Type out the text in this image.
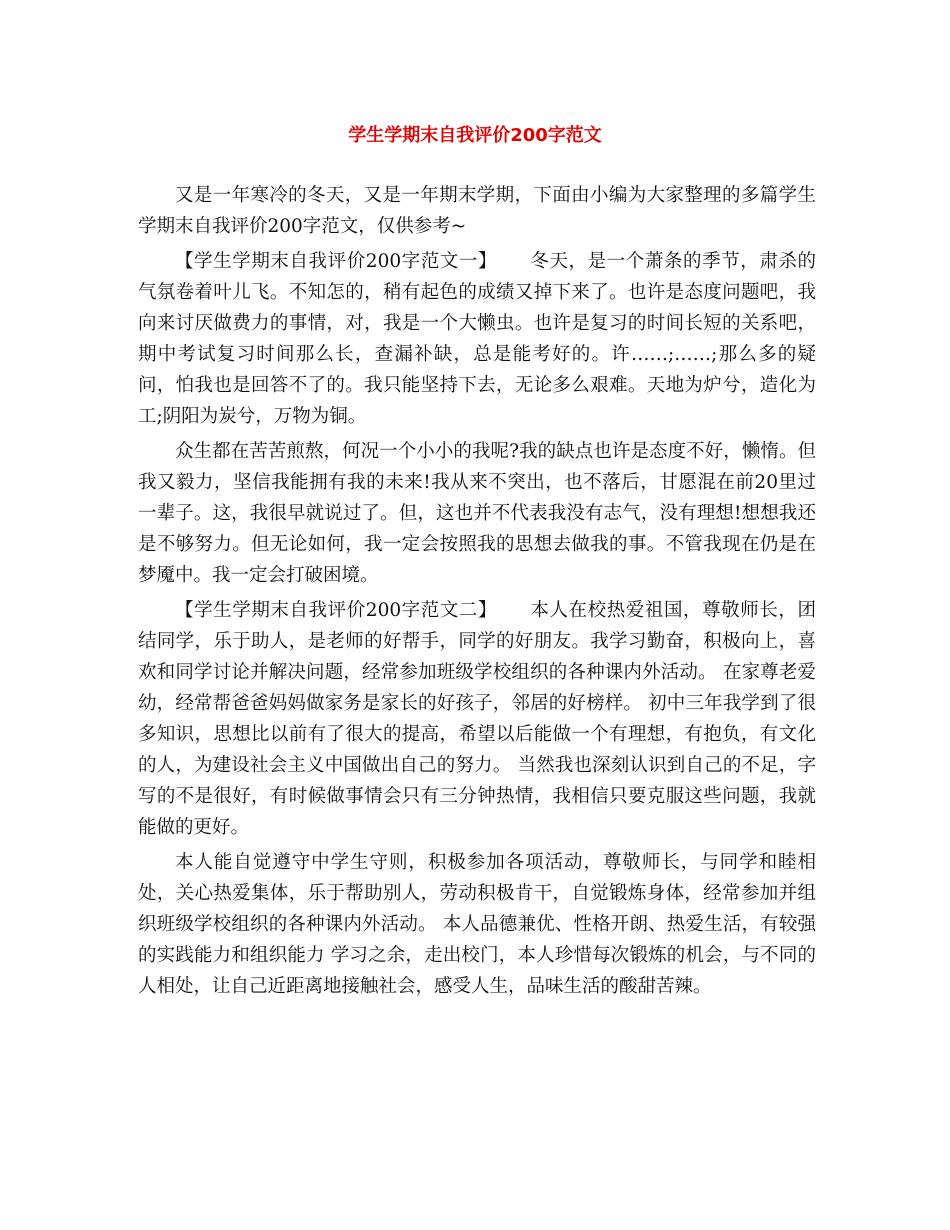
学生学期末自我评价200字范文

又是一年寒冷的冬天，又是一年期末学期，下面由小编为大家整理的多篇学生学期末自我评价200字范文，仅供参考~

【学生学期末自我评价200字范文一】 冬天，是一个萧条的季节，肃杀的气氛卷着叶儿飞。不知怎的，稍有起色的成绩又掉下来了。也许是态度问题吧，我向来讨厌做费力的事情，对，我是一个大懒虫。也许是复习的时间长短的关系吧，期中考试复习时间那么长，查漏补缺，总是能考好的。许……;……;那么多的疑问，怕我也是回答不了的。我只能坚持下去，无论多么艰难。天地为炉兮，造化为工;阴阳为炭兮，万物为铜。

众生都在苦苦煎熬，何况一个小小的我呢?我的缺点也许是态度不好，懒惰。但我又毅力，坚信我能拥有我的未来!我从来不突出，也不落后，甘愿混在前20里过一辈子。这，我很早就说过了。但，这也并不代表我没有志气，没有理想!想想我还是不够努力。但无论如何，我一定会按照我的思想去做我的事。不管我现在仍是在梦魇中。我一定会打破困境。

【学生学期末自我评价200字范文二】 本人在校热爱祖国，尊敬师长，团结同学，乐于助人，是老师的好帮手，同学的好朋友。我学习勤奋，积极向上，喜欢和同学讨论并解决问题，经常参加班级学校组织的各种课内外活动。 在家尊老爱幼，经常帮爸爸妈妈做家务是家长的好孩子，邻居的好榜样。 初中三年我学到了很多知识，思想比以前有了很大的提高，希望以后能做一个有理想，有抱负，有文化的人，为建设社会主义中国做出自己的努力。 当然我也深刻认识到自己的不足，字写的不是很好，有时候做事情会只有三分钟热情，我相信只要克服这些问题，我就能做的更好。

本人能自觉遵守中学生守则，积极参加各项活动，尊敬师长，与同学和睦相处，关心热爱集体，乐于帮助别人，劳动积极肯干，自觉锻炼身体，经常参加并组织班级学校组织的各种课内外活动。 本人品德兼优、性格开朗、热爱生活，有较强的实践能力和组织能力 学习之余，走出校门，本人珍惜每次锻炼的机会，与不同的人相处，让自己近距离地接触社会，感受人生，品味生活的酸甜苦辣。
